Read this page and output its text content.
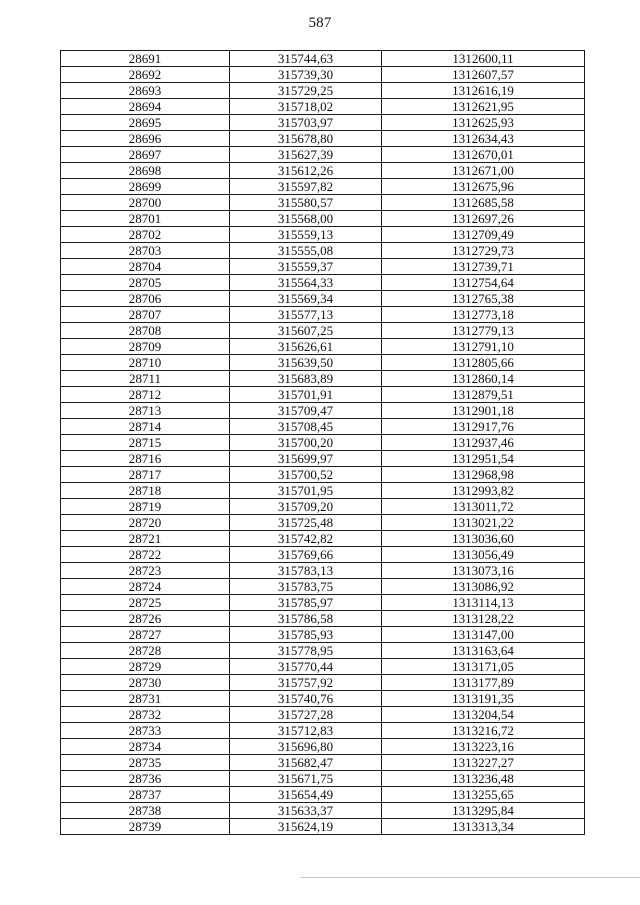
587
28691	315744,63	1312600,11
28692	315739,30	1312607,57
28693	315729,25	1312616,19
28694	315718,02	1312621,95
28695	315703,97	1312625,93
28696	315678,80	1312634,43
28697	315627,39	1312670,01
28698	315612,26	1312671,00
28699	315597,82	1312675,96
28700	315580,57	1312685,58
28701	315568,00	1312697,26
28702	315559,13	1312709,49
28703	315555,08	1312729,73
28704	315559,37	1312739,71
28705	315564,33	1312754,64
28706	315569,34	1312765,38
28707	315577,13	1312773,18
28708	315607,25	1312779,13
28709	315626,61	1312791,10
28710	315639,50	1312805,66
28711	315683,89	1312860,14
28712	315701,91	1312879,51
28713	315709,47	1312901,18
28714	315708,45	1312917,76
28715	315700,20	1312937,46
28716	315699,97	1312951,54
28717	315700,52	1312968,98
28718	315701,95	1312993,82
28719	315709,20	1313011,72
28720	315725,48	1313021,22
28721	315742,82	1313036,60
28722	315769,66	1313056,49
28723	315783,13	1313073,16
28724	315783,75	1313086,92
28725	315785,97	1313114,13
28726	315786,58	1313128,22
28727	315785,93	1313147,00
28728	315778,95	1313163,64
28729	315770,44	1313171,05
28730	315757,92	1313177,89
28731	315740,76	1313191,35
28732	315727,28	1313204,54
28733	315712,83	1313216,72
28734	315696,80	1313223,16
28735	315682,47	1313227,27
28736	315671,75	1313236,48
28737	315654,49	1313255,65
28738	315633,37	1313295,84
28739	315624,19	1313313,34
